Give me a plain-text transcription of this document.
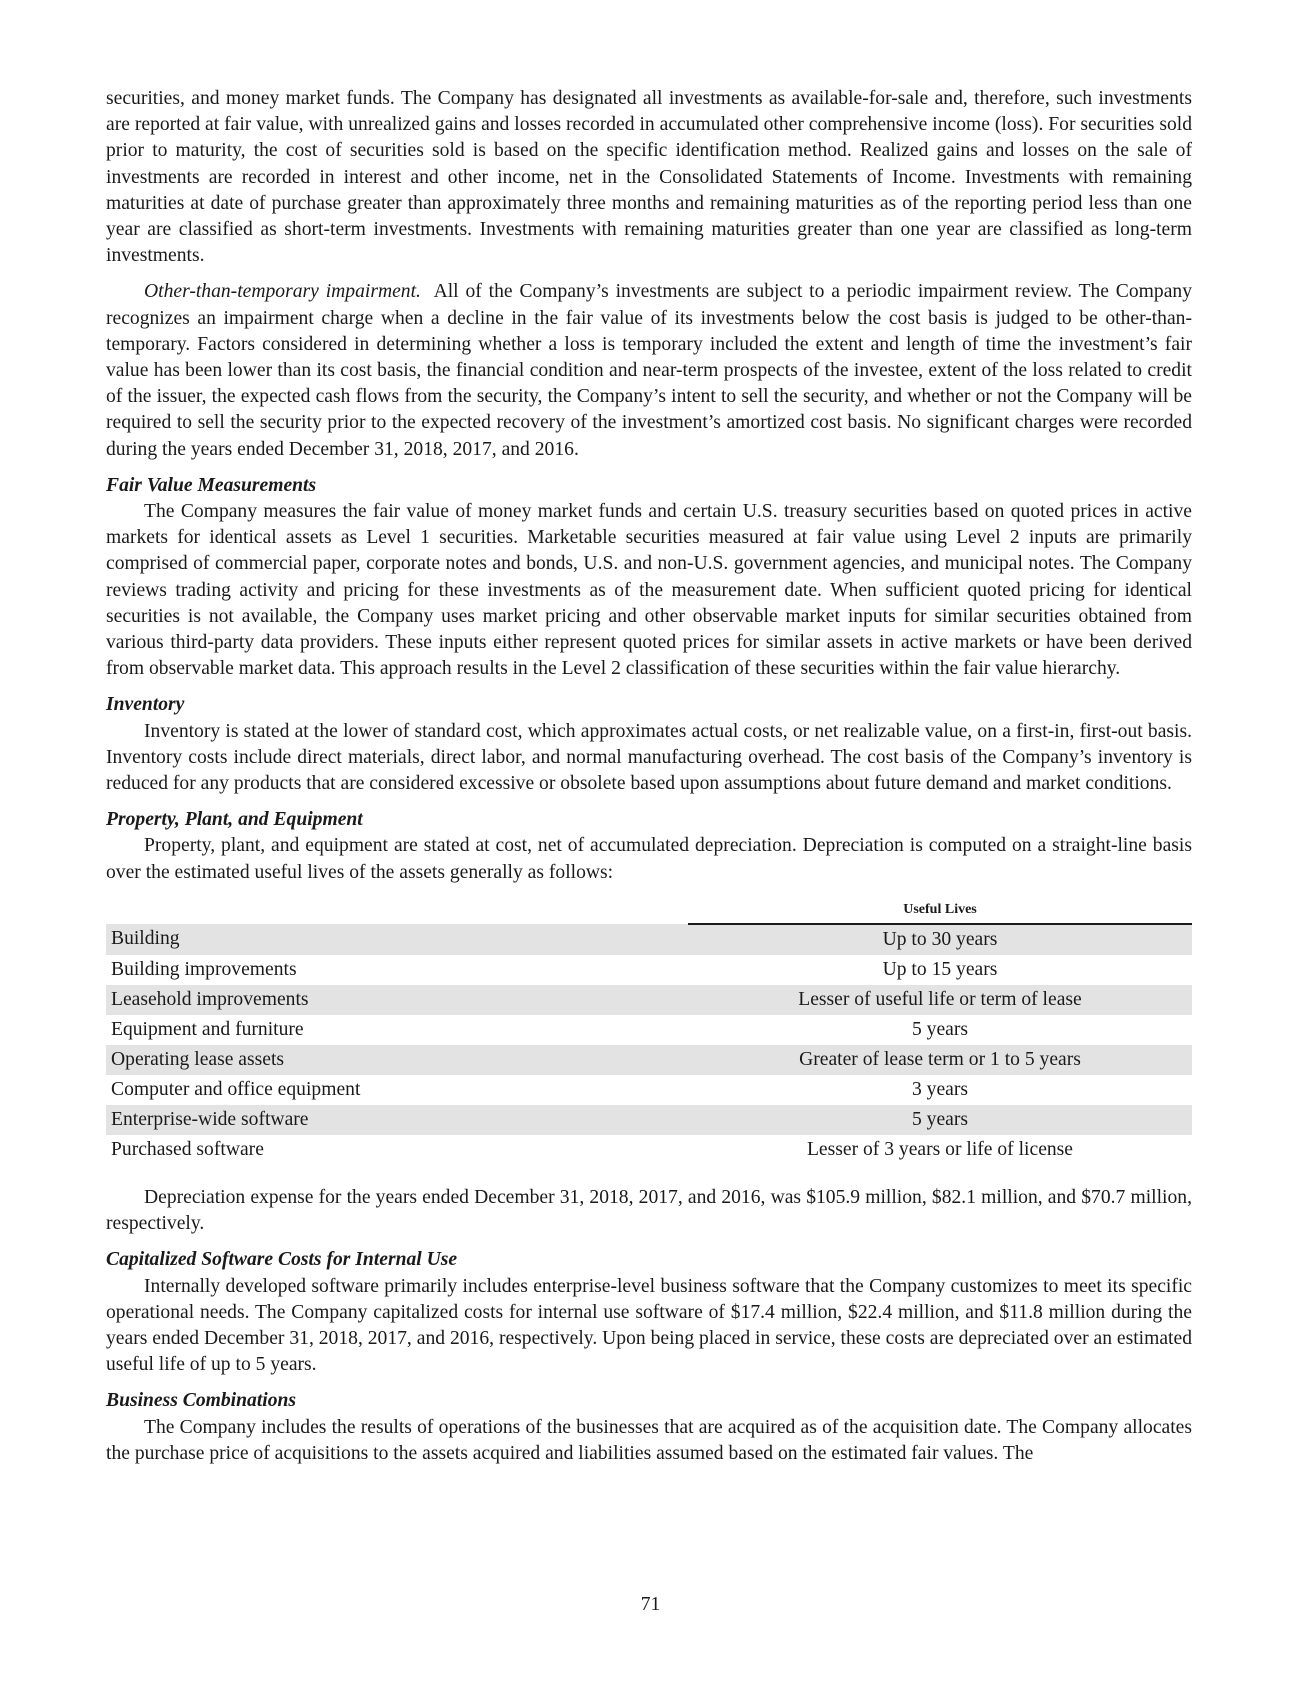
securities, and money market funds. The Company has designated all investments as available-for-sale and, therefore, such investments are reported at fair value, with unrealized gains and losses recorded in accumulated other comprehensive income (loss). For securities sold prior to maturity, the cost of securities sold is based on the specific identification method. Realized gains and losses on the sale of investments are recorded in interest and other income, net in the Consolidated Statements of Income. Investments with remaining maturities at date of purchase greater than approximately three months and remaining maturities as of the reporting period less than one year are classified as short-term investments. Investments with remaining maturities greater than one year are classified as long-term investments.

Other-than-temporary impairment. All of the Company’s investments are subject to a periodic impairment review. The Company recognizes an impairment charge when a decline in the fair value of its investments below the cost basis is judged to be other-than-temporary. Factors considered in determining whether a loss is temporary included the extent and length of time the investment’s fair value has been lower than its cost basis, the financial condition and near-term prospects of the investee, extent of the loss related to credit of the issuer, the expected cash flows from the security, the Company’s intent to sell the security, and whether or not the Company will be required to sell the security prior to the expected recovery of the investment’s amortized cost basis. No significant charges were recorded during the years ended December 31, 2018, 2017, and 2016.

Fair Value Measurements

The Company measures the fair value of money market funds and certain U.S. treasury securities based on quoted prices in active markets for identical assets as Level 1 securities. Marketable securities measured at fair value using Level 2 inputs are primarily comprised of commercial paper, corporate notes and bonds, U.S. and non-U.S. government agencies, and municipal notes. The Company reviews trading activity and pricing for these investments as of the measurement date. When sufficient quoted pricing for identical securities is not available, the Company uses market pricing and other observable market inputs for similar securities obtained from various third-party data providers. These inputs either represent quoted prices for similar assets in active markets or have been derived from observable market data. This approach results in the Level 2 classification of these securities within the fair value hierarchy.

Inventory

Inventory is stated at the lower of standard cost, which approximates actual costs, or net realizable value, on a first-in, first-out basis. Inventory costs include direct materials, direct labor, and normal manufacturing overhead. The cost basis of the Company’s inventory is reduced for any products that are considered excessive or obsolete based upon assumptions about future demand and market conditions.

Property, Plant, and Equipment

Property, plant, and equipment are stated at cost, net of accumulated depreciation. Depreciation is computed on a straight-line basis over the estimated useful lives of the assets generally as follows:

	Useful Lives
Building	Up to 30 years
Building improvements	Up to 15 years
Leasehold improvements	Lesser of useful life or term of lease
Equipment and furniture	5 years
Operating lease assets	Greater of lease term or 1 to 5 years
Computer and office equipment	3 years
Enterprise-wide software	5 years
Purchased software	Lesser of 3 years or life of license

Depreciation expense for the years ended December 31, 2018, 2017, and 2016, was $105.9 million, $82.1 million, and $70.7 million, respectively.

Capitalized Software Costs for Internal Use

Internally developed software primarily includes enterprise-level business software that the Company customizes to meet its specific operational needs. The Company capitalized costs for internal use software of $17.4 million, $22.4 million, and $11.8 million during the years ended December 31, 2018, 2017, and 2016, respectively. Upon being placed in service, these costs are depreciated over an estimated useful life of up to 5 years.

Business Combinations

The Company includes the results of operations of the businesses that are acquired as of the acquisition date. The Company allocates the purchase price of acquisitions to the assets acquired and liabilities assumed based on the estimated fair values. The

71
